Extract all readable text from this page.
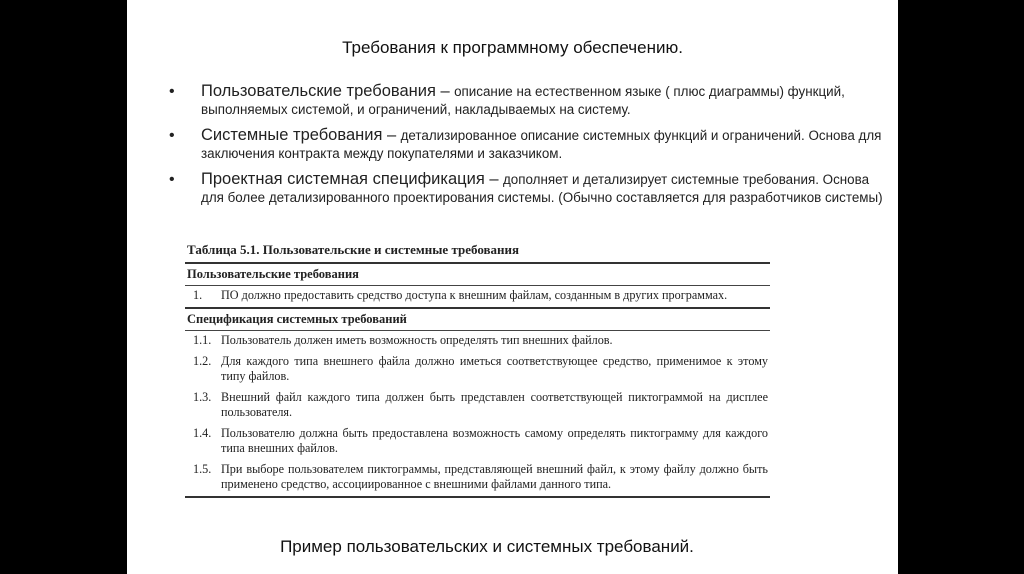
Требования к программному обеспечению.
• Пользовательские требования – описание на естественном языке ( плюс диаграммы) функций, выполняемых системой, и ограничений, накладываемых на систему.
• Системные требования – детализированное описание системных функций и ограничений. Основа для заключения контракта между покупателями и заказчиком.
• Проектная системная спецификация – дополняет и детализирует системные требования. Основа для более детализированного проектирования системы. (Обычно составляется для разработчиков системы)
Таблица 5.1. Пользовательские и системные требования
Пользовательские требования
1.	ПО должно предоставить средство доступа к внешним файлам, созданным в других программах.
Спецификация системных требований
1.1. Пользователь должен иметь возможность определять тип внешних файлов.
1.2. Для каждого типа внешнего файла должно иметься соответствующее средство, применимое к этому типу файлов.
1.3. Внешний файл каждого типа должен быть представлен соответствующей пиктограммой на дисплее пользователя.
1.4. Пользователю должна быть предоставлена возможность самому определять пиктограмму для каждого типа внешних файлов.
1.5. При выборе пользователем пиктограммы, представляющей внешний файл, к этому файлу должно быть применено средство, ассоциированное с внешними файлами данного типа.
Пример пользовательских и системных требований.
